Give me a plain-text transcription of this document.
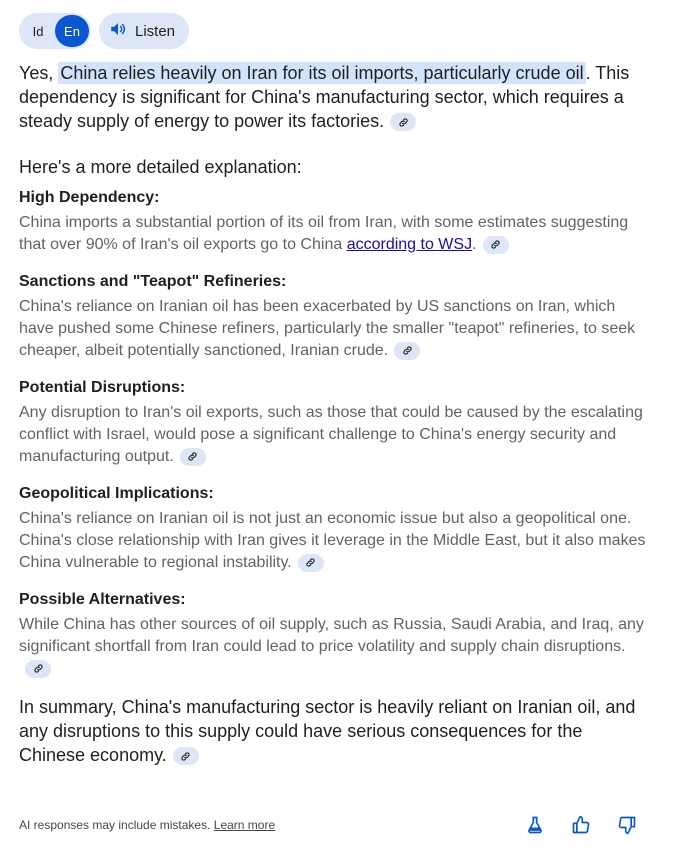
Id	En	Listen

Yes, China relies heavily on Iran for its oil imports, particularly crude oil . This dependency is significant for China's manufacturing sector, which requires a steady supply of energy to power its factories.

Here's a more detailed explanation:

High Dependency:

China imports a substantial portion of its oil from Iran, with some estimates suggesting that over 90% of Iran's oil exports go to China according to WSJ.

Sanctions and "Teapot" Refineries:

China's reliance on Iranian oil has been exacerbated by US sanctions on Iran, which have pushed some Chinese refiners, particularly the smaller "teapot" refineries, to seek cheaper, albeit potentially sanctioned, Iranian crude.

Potential Disruptions:

Any disruption to Iran's oil exports, such as those that could be caused by the escalating conflict with Israel, would pose a significant challenge to China's energy security and manufacturing output.

Geopolitical Implications:

China's reliance on Iranian oil is not just an economic issue but also a geopolitical one. China's close relationship with Iran gives it leverage in the Middle East, but it also makes China vulnerable to regional instability.

Possible Alternatives:

While China has other sources of oil supply, such as Russia, Saudi Arabia, and Iraq, any significant shortfall from Iran could lead to price volatility and supply chain disruptions.

In summary, China's manufacturing sector is heavily reliant on Iranian oil, and any disruptions to this supply could have serious consequences for the Chinese economy.

AI responses may include mistakes. Learn more
